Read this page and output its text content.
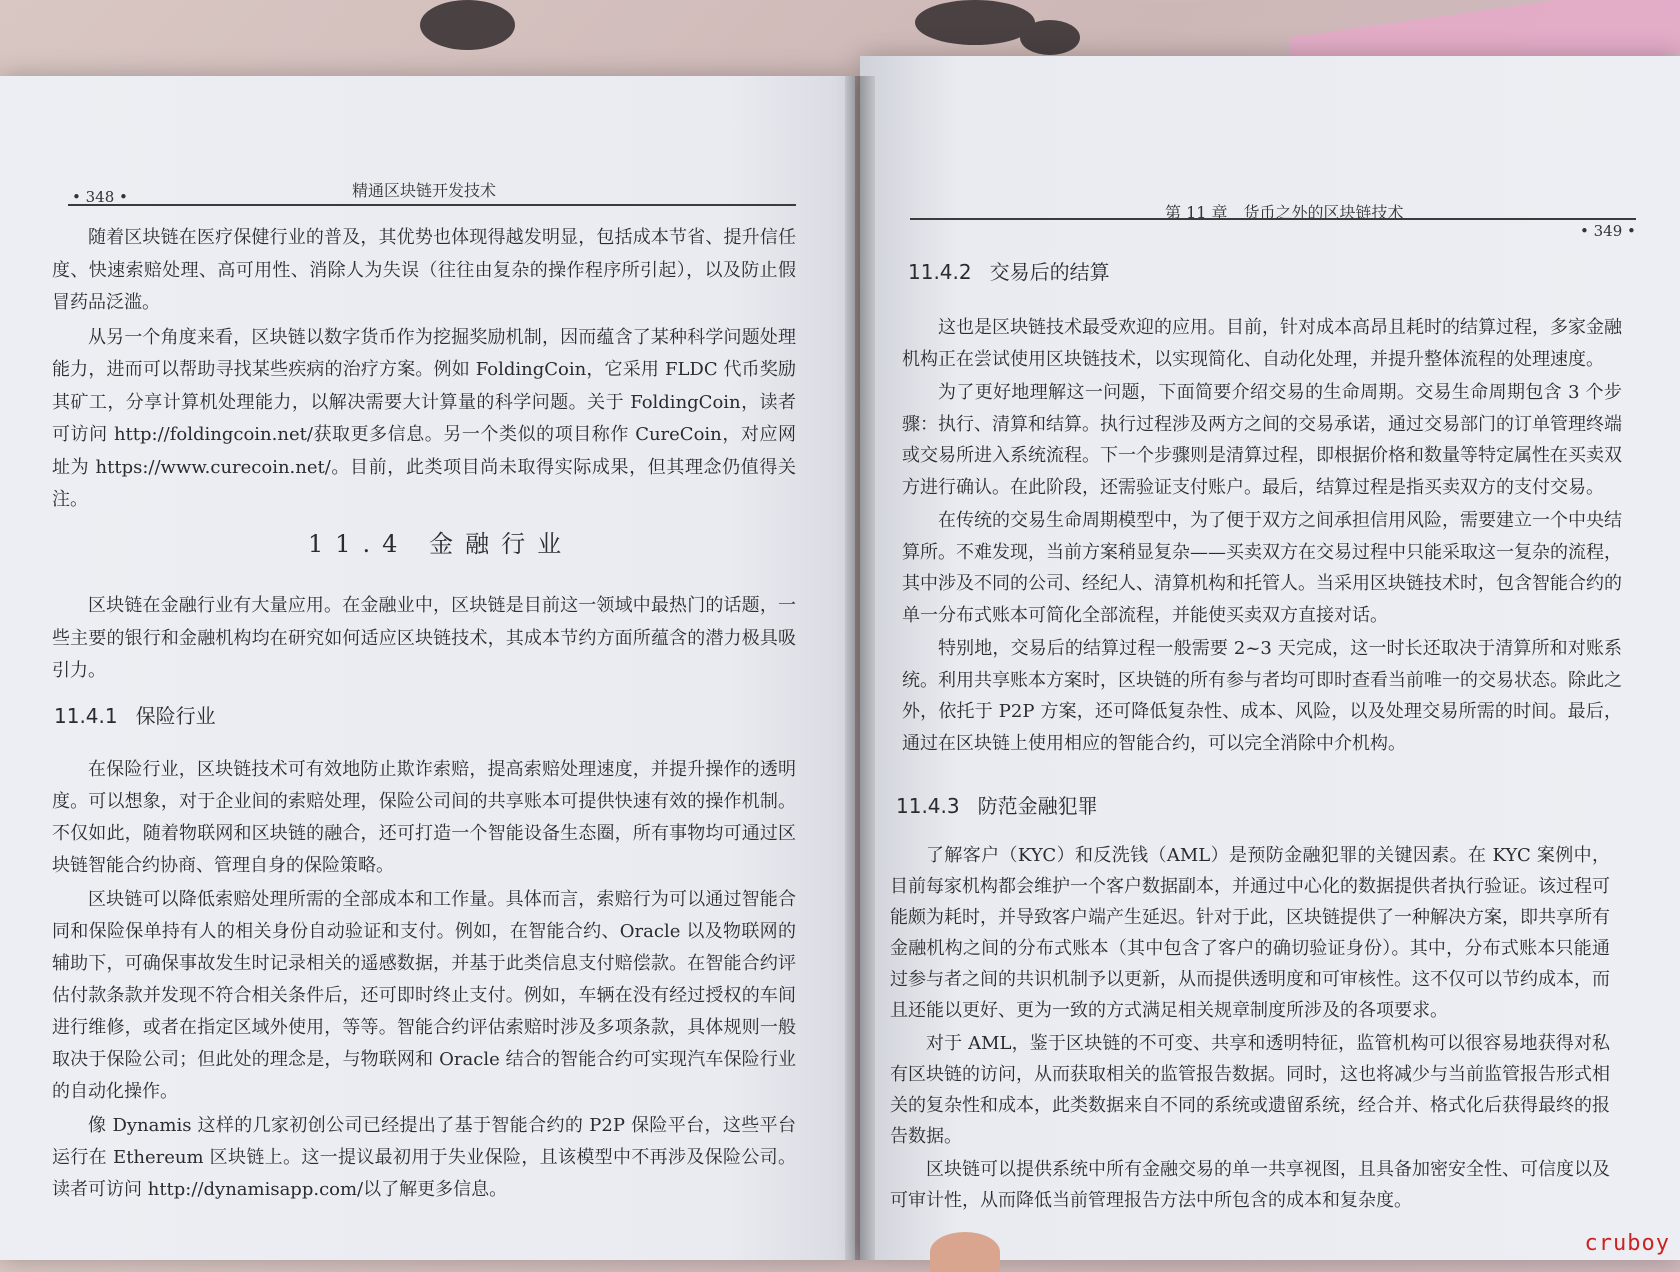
• 348 •	精通区块链开发技术

随着区块链在医疗保健行业的普及，其优势也体现得越发明显，包括成本节省、提升信任度、快速索赔处理、高可用性、消除人为失误（往往由复杂的操作程序所引起），以及防止假冒药品泛滥。

从另一个角度来看，区块链以数字货币作为挖掘奖励机制，因而蕴含了某种科学问题处理能力，进而可以帮助寻找某些疾病的治疗方案。例如 FoldingCoin，它采用 FLDC 代币奖励其矿工，分享计算机处理能力，以解决需要大计算量的科学问题。关于 FoldingCoin，读者可访问 http://foldingcoin.net/获取更多信息。另一个类似的项目称作 CureCoin，对应网址为 https://www.curecoin.net/。目前，此类项目尚未取得实际成果，但其理念仍值得关注。

11.4 金融行业

区块链在金融行业有大量应用。在金融业中，区块链是目前这一领域中最热门的话题，一些主要的银行和金融机构均在研究如何适应区块链技术，其成本节约方面所蕴含的潜力极具吸引力。

11.4.1 保险行业

在保险行业，区块链技术可有效地防止欺诈索赔，提高索赔处理速度，并提升操作的透明度。可以想象，对于企业间的索赔处理，保险公司间的共享账本可提供快速有效的操作机制。不仅如此，随着物联网和区块链的融合，还可打造一个智能设备生态圈，所有事物均可通过区块链智能合约协商、管理自身的保险策略。

区块链可以降低索赔处理所需的全部成本和工作量。具体而言，索赔行为可以通过智能合同和保险保单持有人的相关身份自动验证和支付。例如，在智能合约、Oracle 以及物联网的辅助下，可确保事故发生时记录相关的遥感数据，并基于此类信息支付赔偿款。在智能合约评估付款条款并发现不符合相关条件后，还可即时终止支付。例如，车辆在没有经过授权的车间进行维修，或者在指定区域外使用，等等。智能合约评估索赔时涉及多项条款，具体规则一般取决于保险公司；但此处的理念是，与物联网和 Oracle 结合的智能合约可实现汽车保险行业的自动化操作。

像 Dynamis 这样的几家初创公司已经提出了基于智能合约的 P2P 保险平台，这些平台运行在 Ethereum 区块链上。这一提议最初用于失业保险，且该模型中不再涉及保险公司。读者可访问 http://dynamisapp.com/以了解更多信息。

第 11 章　货币之外的区块链技术
• 349 •
11.4.2 交易后的结算

这也是区块链技术最受欢迎的应用。目前，针对成本高昂且耗时的结算过程，多家金融机构正在尝试使用区块链技术，以实现简化、自动化处理，并提升整体流程的处理速度。

为了更好地理解这一问题，下面简要介绍交易的生命周期。交易生命周期包含 3 个步骤：执行、清算和结算。执行过程涉及两方之间的交易承诺，通过交易部门的订单管理终端或交易所进入系统流程。下一个步骤则是清算过程，即根据价格和数量等特定属性在买卖双方进行确认。在此阶段，还需验证支付账户。最后，结算过程是指买卖双方的支付交易。

在传统的交易生命周期模型中，为了便于双方之间承担信用风险，需要建立一个中央结算所。不难发现，当前方案稍显复杂——买卖双方在交易过程中只能采取这一复杂的流程，其中涉及不同的公司、经纪人、清算机构和托管人。当采用区块链技术时，包含智能合约的单一分布式账本可简化全部流程，并能使买卖双方直接对话。

特别地，交易后的结算过程一般需要 2~3 天完成，这一时长还取决于清算所和对账系统。利用共享账本方案时，区块链的所有参与者均可即时查看当前唯一的交易状态。除此之外，依托于 P2P 方案，还可降低复杂性、成本、风险，以及处理交易所需的时间。最后，通过在区块链上使用相应的智能合约，可以完全消除中介机构。

11.4.3 防范金融犯罪

了解客户（KYC）和反洗钱（AML）是预防金融犯罪的关键因素。在 KYC 案例中，目前每家机构都会维护一个客户数据副本，并通过中心化的数据提供者执行验证。该过程可能颇为耗时，并导致客户端产生延迟。针对于此，区块链提供了一种解决方案，即共享所有金融机构之间的分布式账本（其中包含了客户的确切验证身份）。其中，分布式账本只能通过参与者之间的共识机制予以更新，从而提供透明度和可审核性。这不仅可以节约成本，而且还能以更好、更为一致的方式满足相关规章制度所涉及的各项要求。

对于 AML，鉴于区块链的不可变、共享和透明特征，监管机构可以很容易地获得对私有区块链的访问，从而获取相关的监管报告数据。同时，这也将减少与当前监管报告形式相关的复杂性和成本，此类数据来自不同的系统或遗留系统，经合并、格式化后获得最终的报告数据。

区块链可以提供系统中所有金融交易的单一共享视图，且具备加密安全性、可信度以及可审计性，从而降低当前管理报告方法中所包含的成本和复杂度。

cruboy
